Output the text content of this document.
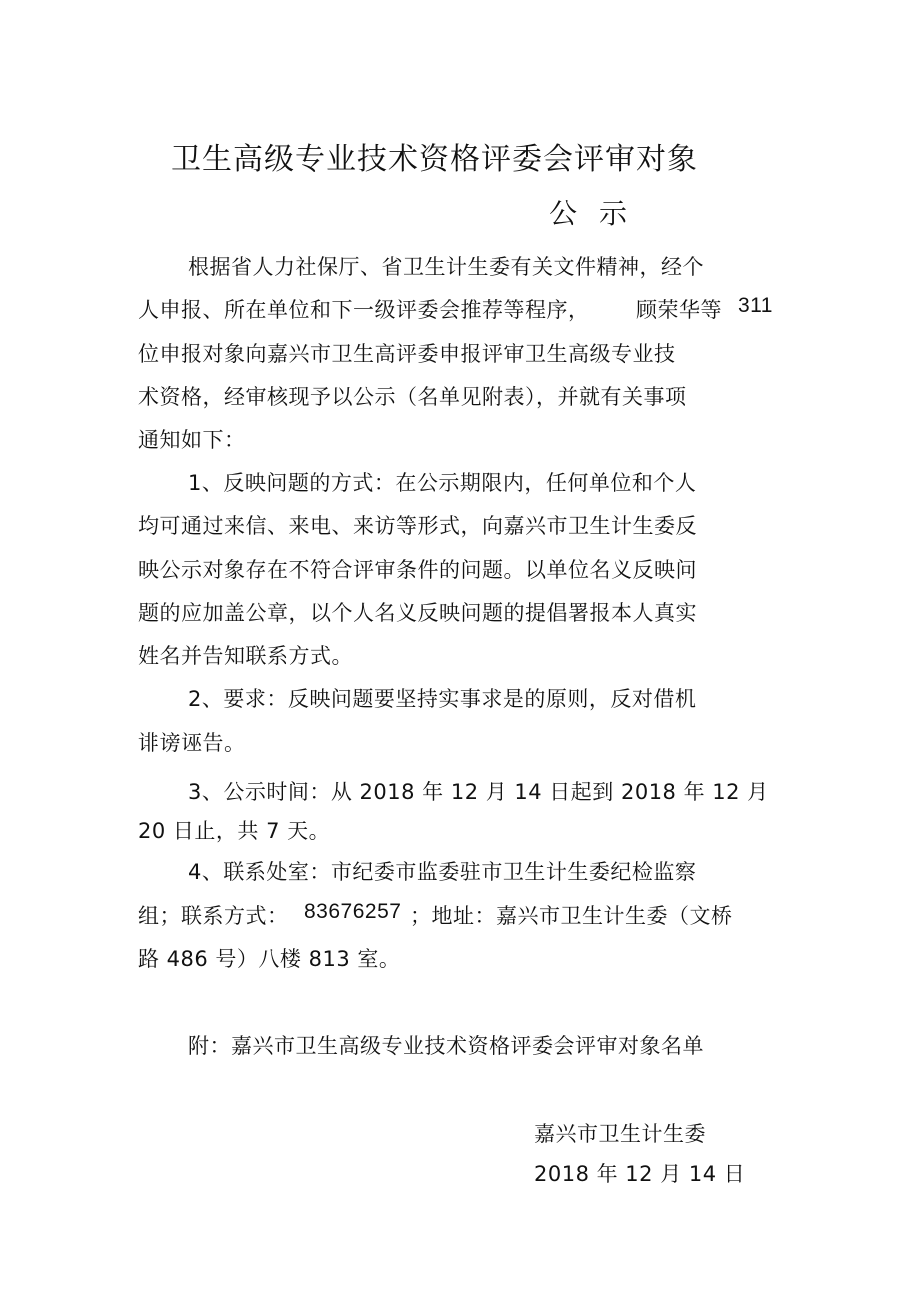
卫生高级专业技术资格评委会评审对象
公示
根据省人力社保厅、省卫生计生委有关文件精神，经个
人申报、所在单位和下一级评委会推荐等程序， 顾荣华等 311
位申报对象向嘉兴市卫生高评委申报评审卫生高级专业技
术资格，经审核现予以公示（名单见附表），并就有关事项
通知如下：
1、反映问题的方式：在公示期限内，任何单位和个人
均可通过来信、来电、来访等形式，向嘉兴市卫生计生委反
映公示对象存在不符合评审条件的问题。以单位名义反映问
题的应加盖公章，以个人名义反映问题的提倡署报本人真实
姓名并告知联系方式。
2、要求：反映问题要坚持实事求是的原则，反对借机
诽谤诬告。
3、公示时间：从 2018 年 12 月 14 日起到 2018 年 12 月
20 日止，共 7 天。
4、联系处室：市纪委市监委驻市卫生计生委纪检监察
组；联系方式： 83676257 ；地址：嘉兴市卫生计生委（文桥
路 486 号）八楼 813 室。
附：嘉兴市卫生高级专业技术资格评委会评审对象名单
嘉兴市卫生计生委
2018 年 12 月 14 日
